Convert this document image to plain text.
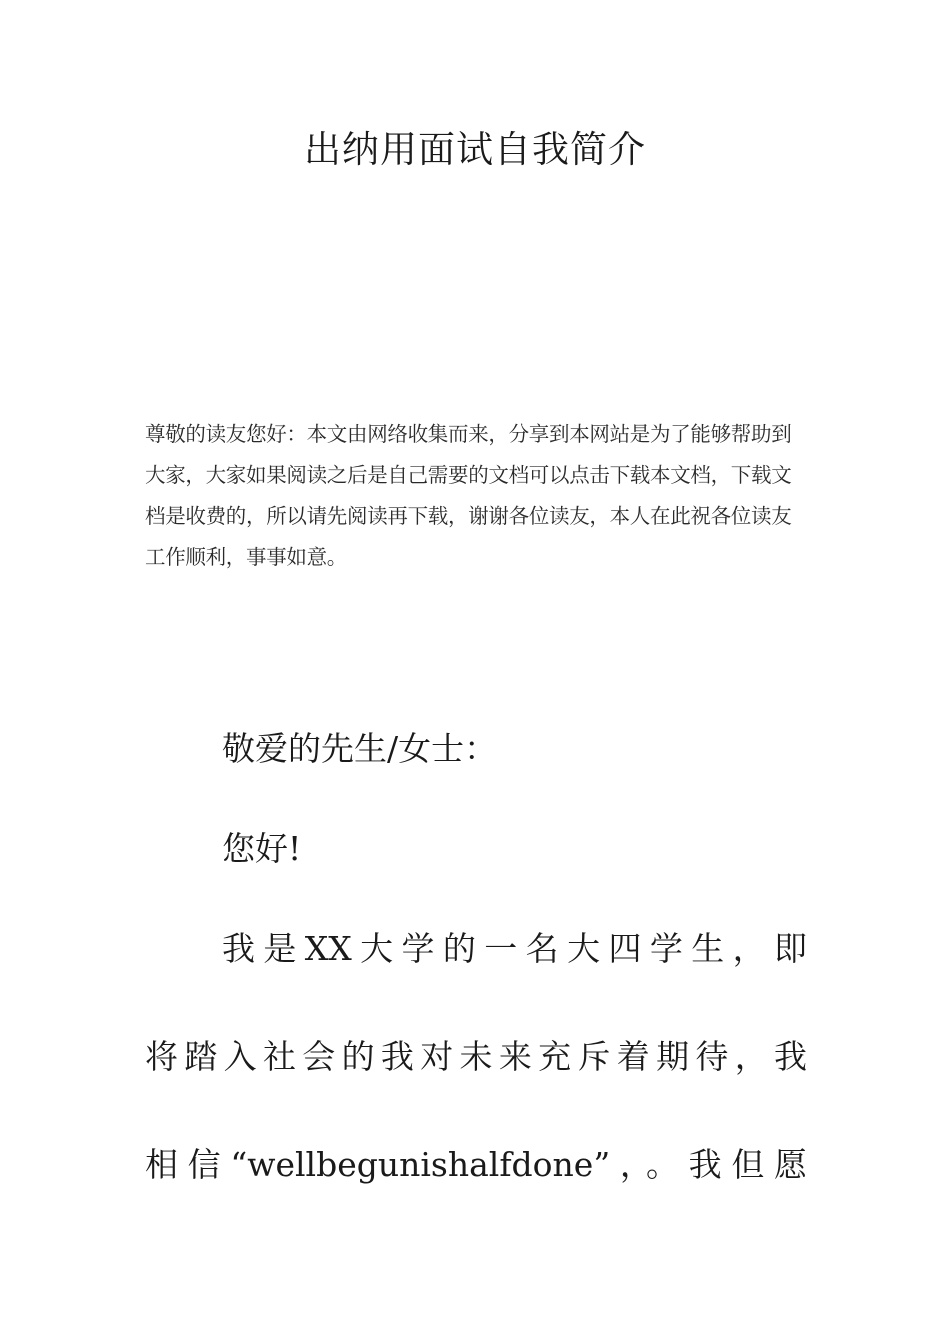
出纳用面试自我简介

尊敬的读友您好：本文由网络收集而来，分享到本网站是为了能够帮助到大家，大家如果阅读之后是自己需要的文档可以点击下载本文档，下载文档是收费的，所以请先阅读再下载，谢谢各位读友，本人在此祝各位读友工作顺利，事事如意。

敬爱的先生/女士：

您好!

我是XX大学的一名大四学生，即

将踏入社会的我对未来充斥着期待，我

相信“wellbegunishalfdone”，。我但愿
